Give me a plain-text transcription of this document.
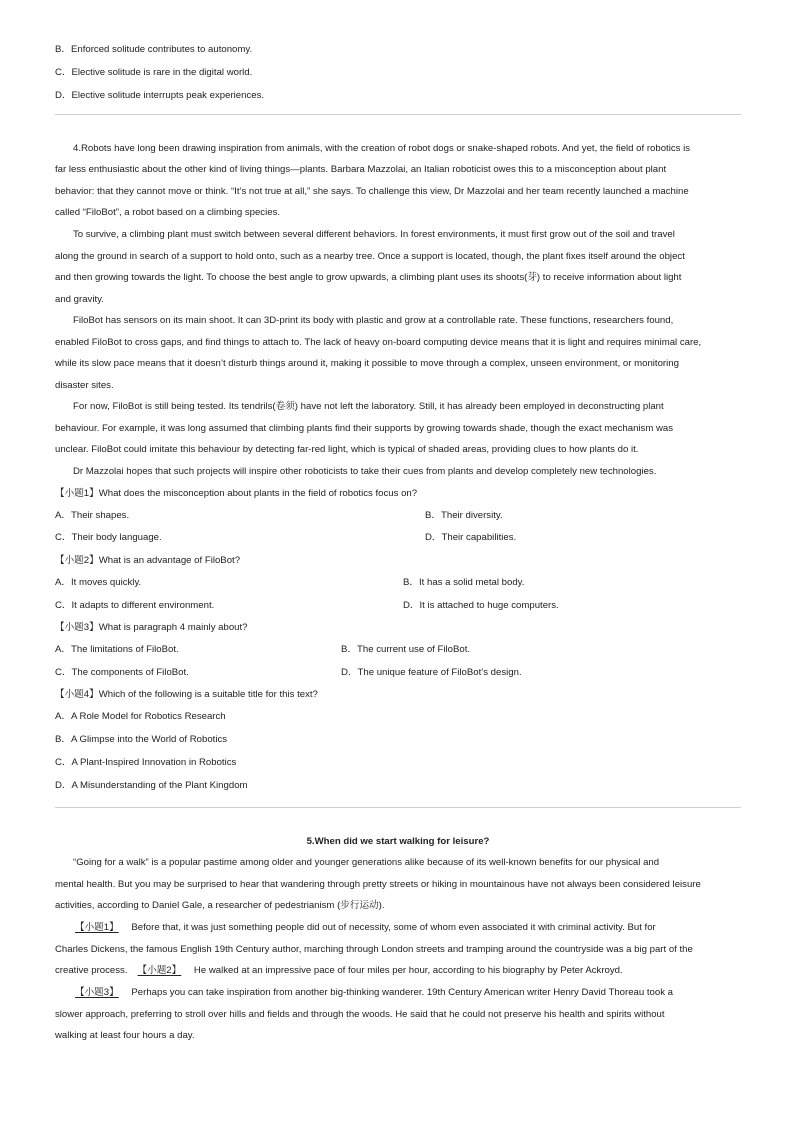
B．Enforced solitude contributes to autonomy.
C．Elective solitude is rare in the digital world.
D．Elective solitude interrupts peak experiences.
4.Robots have long been drawing inspiration from animals, with the creation of robot dogs or snake-shaped robots. And yet, the field of robotics is
far less enthusiastic about the other kind of living things—plants. Barbara Mazzolai, an Italian roboticist owes this to a misconception about plant
behavior: that they cannot move or think. “It’s not true at all,” she says. To challenge this view, Dr Mazzolai and her team recently launched a machine
called “FiloBot”, a robot based on a climbing species.
To survive, a climbing plant must switch between several different behaviors. In forest environments, it must first grow out of the soil and travel
along the ground in search of a support to hold onto, such as a nearby tree. Once a support is located, though, the plant fixes itself around the object
and then growing towards the light. To choose the best angle to grow upwards, a climbing plant uses its shoots(芽) to receive information about light
and gravity.
FiloBot has sensors on its main shoot. It can 3D-print its body with plastic and grow at a controllable rate. These functions, researchers found,
enabled FiloBot to cross gaps, and find things to attach to. The lack of heavy on-board computing device means that it is light and requires minimal care,
while its slow pace means that it doesn’t disturb things around it, making it possible to move through a complex, unseen environment, or monitoring
disaster sites.
For now, FiloBot is still being tested. Its tendrils(卷须) have not left the laboratory. Still, it has already been employed in deconstructing plant
behaviour. For example, it was long assumed that climbing plants find their supports by growing towards shade, though the exact mechanism was
unclear. FiloBot could imitate this behaviour by detecting far-red light, which is typical of shaded areas, providing clues to how plants do it.
Dr Mazzolai hopes that such projects will inspire other roboticists to take their cues from plants and develop completely new technologies.
【小题1】What does the misconception about plants in the field of robotics focus on?
A．Their shapes.	B．Their diversity.
C．Their body language.	D．Their capabilities.
【小题2】What is an advantage of FiloBot?
A．It moves quickly.	B．It has a solid metal body.
C．It adapts to different environment.	D．It is attached to huge computers.
【小题3】What is paragraph 4 mainly about?
A．The limitations of FiloBot.	B．The current use of FiloBot.
C．The components of FiloBot.	D．The unique feature of FiloBot’s design.
【小题4】Which of the following is a suitable title for this text?
A．A Role Model for Robotics Research
B．A Glimpse into the World of Robotics
C．A Plant-Inspired Innovation in Robotics
D．A Misunderstanding of the Plant Kingdom
5.When did we start walking for leisure?
“Going for a walk” is a popular pastime among older and younger generations alike because of its well-known benefits for our physical and
mental health. But you may be surprised to hear that wandering through pretty streets or hiking in mountainous have not always been considered leisure
activities, according to Daniel Gale, a researcher of pedestrianism (步行运动).
【小题1】 Before that, it was just something people did out of necessity, some of whom even associated it with criminal activity. But for
Charles Dickens, the famous English 19th Century author, marching through London streets and tramping around the countryside was a big part of the
creative process. 【小题2】 He walked at an impressive pace of four miles per hour, according to his biography by Peter Ackroyd.
【小题3】 Perhaps you can take inspiration from another big-thinking wanderer. 19th Century American writer Henry David Thoreau took a
slower approach, preferring to stroll over hills and fields and through the woods. He said that he could not preserve his health and spirits without
walking at least four hours a day.
